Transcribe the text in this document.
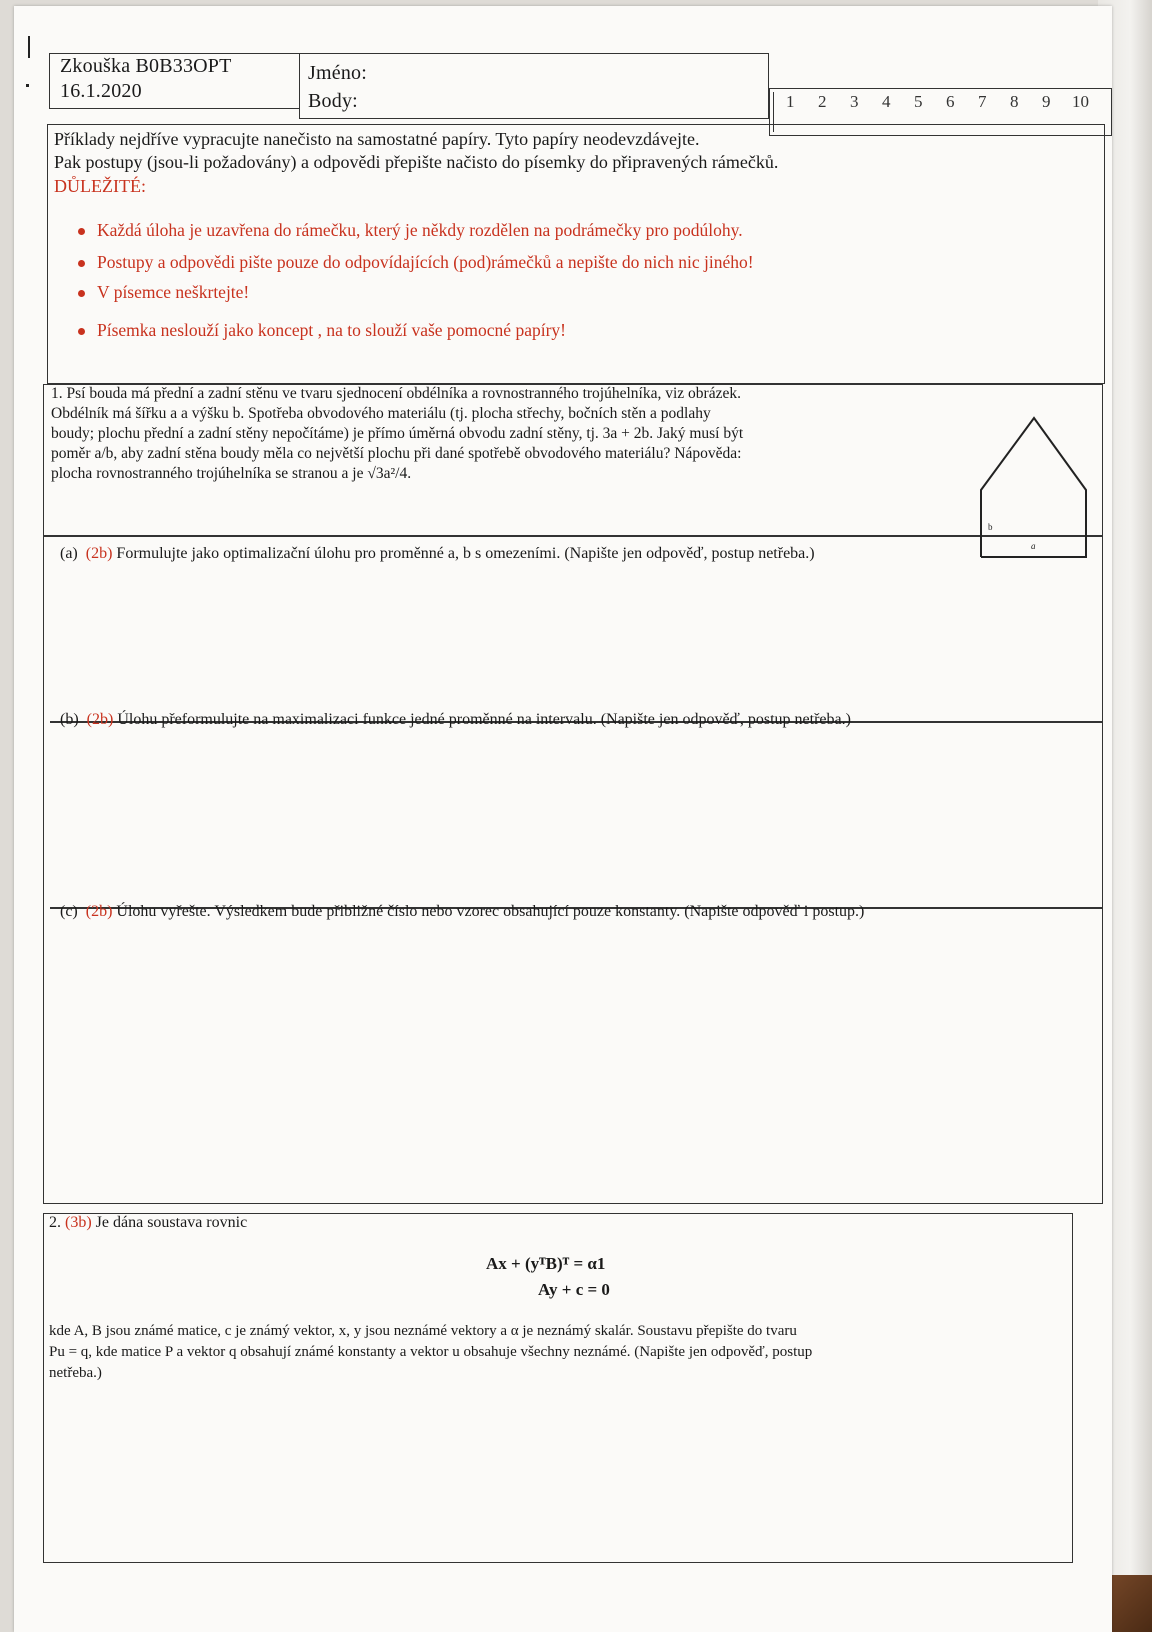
Zkouška B0B33OPT
16.1.2020
Jméno:
Body:	1 2 3 4 5 6 7 8 9 10
Příklady nejdříve vypracujte nanečisto na samostatné papíry. Tyto papíry neodevzdávejte.
Pak postupy (jsou-li požadovány) a odpovědi přepište načisto do písemky do připravených rámečků.
DŮLEŽITÉ:
Každá úloha je uzavřena do rámečku, který je někdy rozdělen na podrámečky pro podúlohy.
Postupy a odpovědi pište pouze do odpovídajících (pod)rámečků a nepište do nich nic jiného!
V písemce neškrtejte!
Písemka neslouží jako koncept , na to slouží vaše pomocné papíry!
1. Psí bouda má přední a zadní stěnu ve tvaru sjednocení obdélníka a rovnostranného trojúhelníka, viz obrázek.
Obdélník má šířku a a výšku b. Spotřeba obvodového materiálu (tj. plocha střechy, bočních stěn a podlahy
boudy; plochu přední a zadní stěny nepočítáme) je přímo úměrná obvodu zadní stěny, tj. 3a + 2b. Jaký musí být
poměr a/b, aby zadní stěna boudy měla co největší plochu při dané spotřebě obvodového materiálu? Nápověda:
plocha rovnostranného trojúhelníka se stranou a je √3a²/4.
(a) (2b) Formulujte jako optimalizační úlohu pro proměnné a, b s omezeními. (Napište jen odpověď, postup netřeba.)
(b) (2b) Úlohu přeformulujte na maximalizaci funkce jedné proměnné na intervalu. (Napište jen odpověď, postup netřeba.)
(c) (2b) Úlohu vyřešte. Výsledkem bude přibližné číslo nebo vzorec obsahující pouze konstanty. (Napište odpověď i postup.)
b
a
2. (3b) Je dána soustava rovnic
Ax + (yᵀB)ᵀ = α1
Ay + c = 0
kde A, B jsou známé matice, c je známý vektor, x, y jsou neznámé vektory a α je neznámý skalár. Soustavu přepište do tvaru
Pu = q, kde matice P a vektor q obsahují známé konstanty a vektor u obsahuje všechny neznámé. (Napište jen odpověď, postup
netřeba.)
